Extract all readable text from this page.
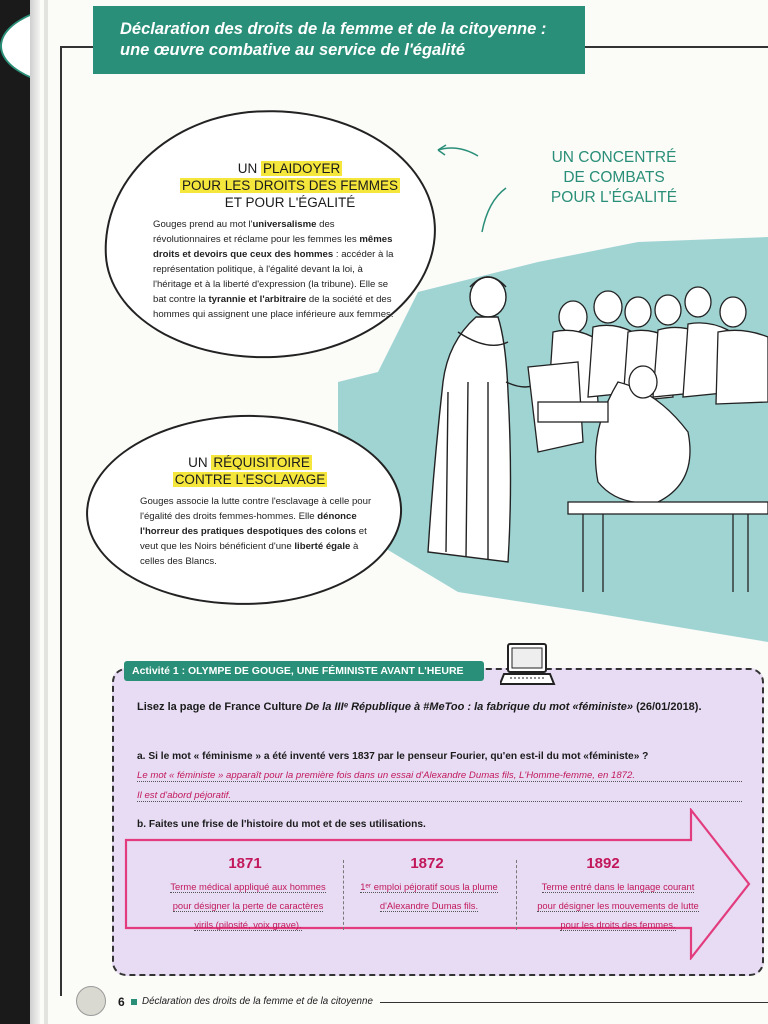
Déclaration des droits de la femme et de la citoyenne :
une œuvre combative au service de l'égalité
UN PLAIDOYER
POUR LES DROITS DES FEMMES
ET POUR L'ÉGALITÉ
Gouges prend au mot l'universalisme des révolutionnaires et réclame pour les femmes les mêmes droits et devoirs que ceux des hommes : accéder à la représentation politique, à l'égalité devant la loi, à l'héritage et à la liberté d'expression (la tribune). Elle se bat contre la tyrannie et l'arbitraire de la société et des hommes qui assignent une place inférieure aux femmes.
UN RÉQUISITOIRE
CONTRE L'ESCLAVAGE
Gouges associe la lutte contre l'esclavage à celle pour l'égalité des droits femmes-hommes. Elle dénonce l'horreur des pratiques despotiques des colons et veut que les Noirs bénéficient d'une liberté égale à celles des Blancs.
UN CONCENTRÉ
DE COMBATS
POUR L'ÉGALITÉ
Activité 1 : OLYMPE DE GOUGE, UNE FÉMINISTE AVANT L'HEURE
Lisez la page de France Culture De la IIIᵉ République à #MeToo : la fabrique du mot «féministe» (26/01/2018).
a. Si le mot « féminisme » a été inventé vers 1837 par le penseur Fourier, qu'en est-il du mot «féministe» ?
Le mot « féministe » apparaît pour la première fois dans un essai d'Alexandre Dumas fils, L'Homme-femme, en 1872.
Il est d'abord péjoratif.
b. Faites une frise de l'histoire du mot et de ses utilisations.
1871
Terme médical appliqué aux hommes
pour désigner la perte de caractères
virils (pilosité, voix grave).
1872
1ᵉʳ emploi péjoratif sous la plume
d'Alexandre Dumas fils.
1892
Terme entré dans le langage courant
pour désigner les mouvements de lutte
pour les droits des femmes.
6 Déclaration des droits de la femme et de la citoyenne
